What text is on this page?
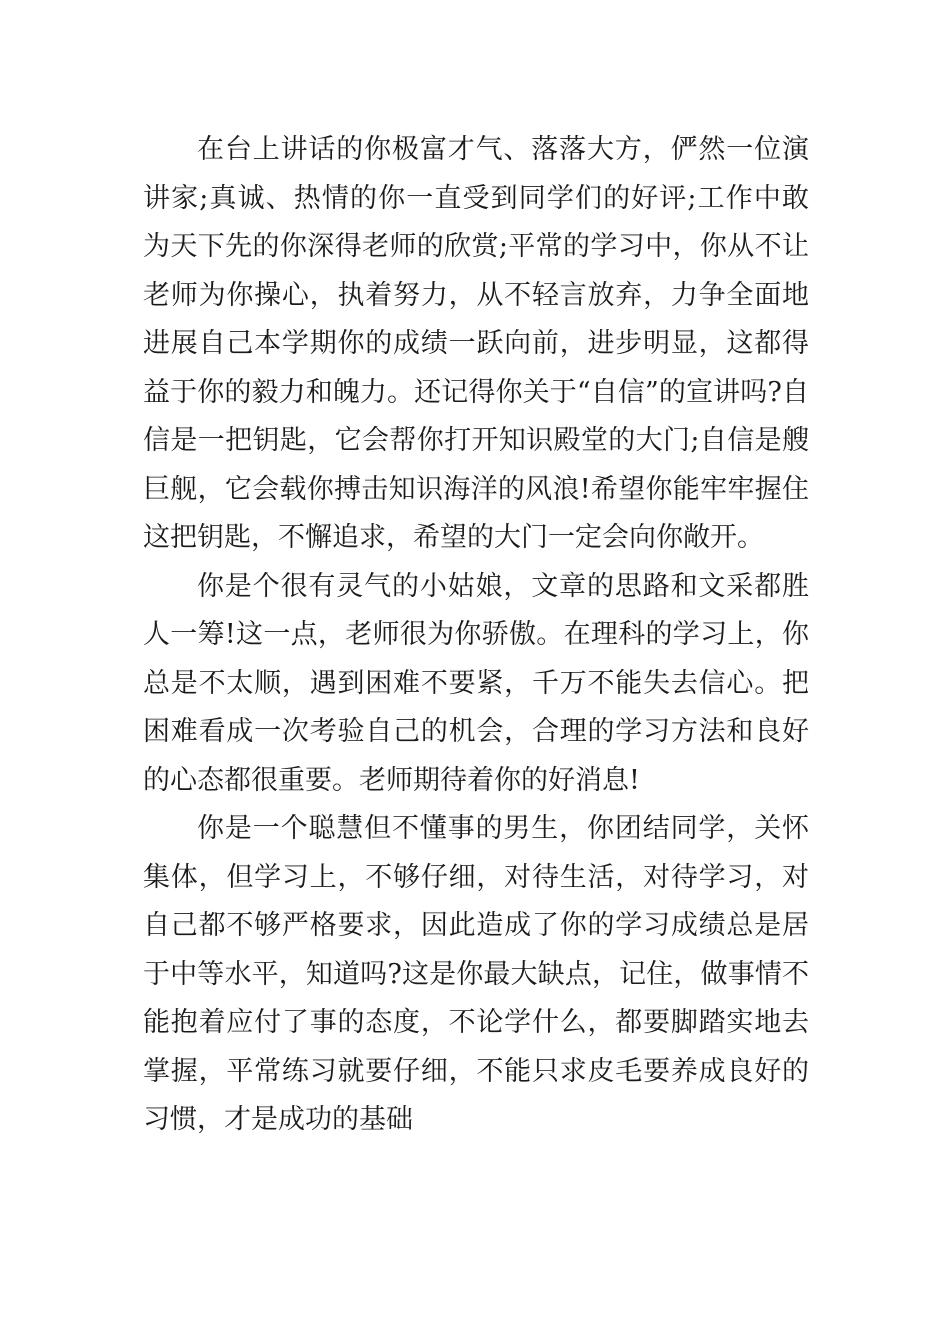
在台上讲话的你极富才气、落落大方，俨然一位演讲家;真诚、热情的你一直受到同学们的好评;工作中敢为天下先的你深得老师的欣赏;平常的学习中，你从不让老师为你操心，执着努力，从不轻言放弃，力争全面地进展自己本学期你的成绩一跃向前，进步明显，这都得益于你的毅力和魄力。还记得你关于“自信”的宣讲吗?自信是一把钥匙，它会帮你打开知识殿堂的大门;自信是艘巨舰，它会载你搏击知识海洋的风浪!希望你能牢牢握住这把钥匙，不懈追求，希望的大门一定会向你敞开。

你是个很有灵气的小姑娘，文章的思路和文采都胜人一筹!这一点，老师很为你骄傲。在理科的学习上，你总是不太顺，遇到困难不要紧，千万不能失去信心。把困难看成一次考验自己的机会，合理的学习方法和良好的心态都很重要。老师期待着你的好消息!

你是一个聪慧但不懂事的男生，你团结同学，关怀集体，但学习上，不够仔细，对待生活，对待学习，对自己都不够严格要求，因此造成了你的学习成绩总是居于中等水平，知道吗?这是你最大缺点，记住，做事情不能抱着应付了事的态度，不论学什么，都要脚踏实地去掌握，平常练习就要仔细，不能只求皮毛要养成良好的习惯，才是成功的基础
